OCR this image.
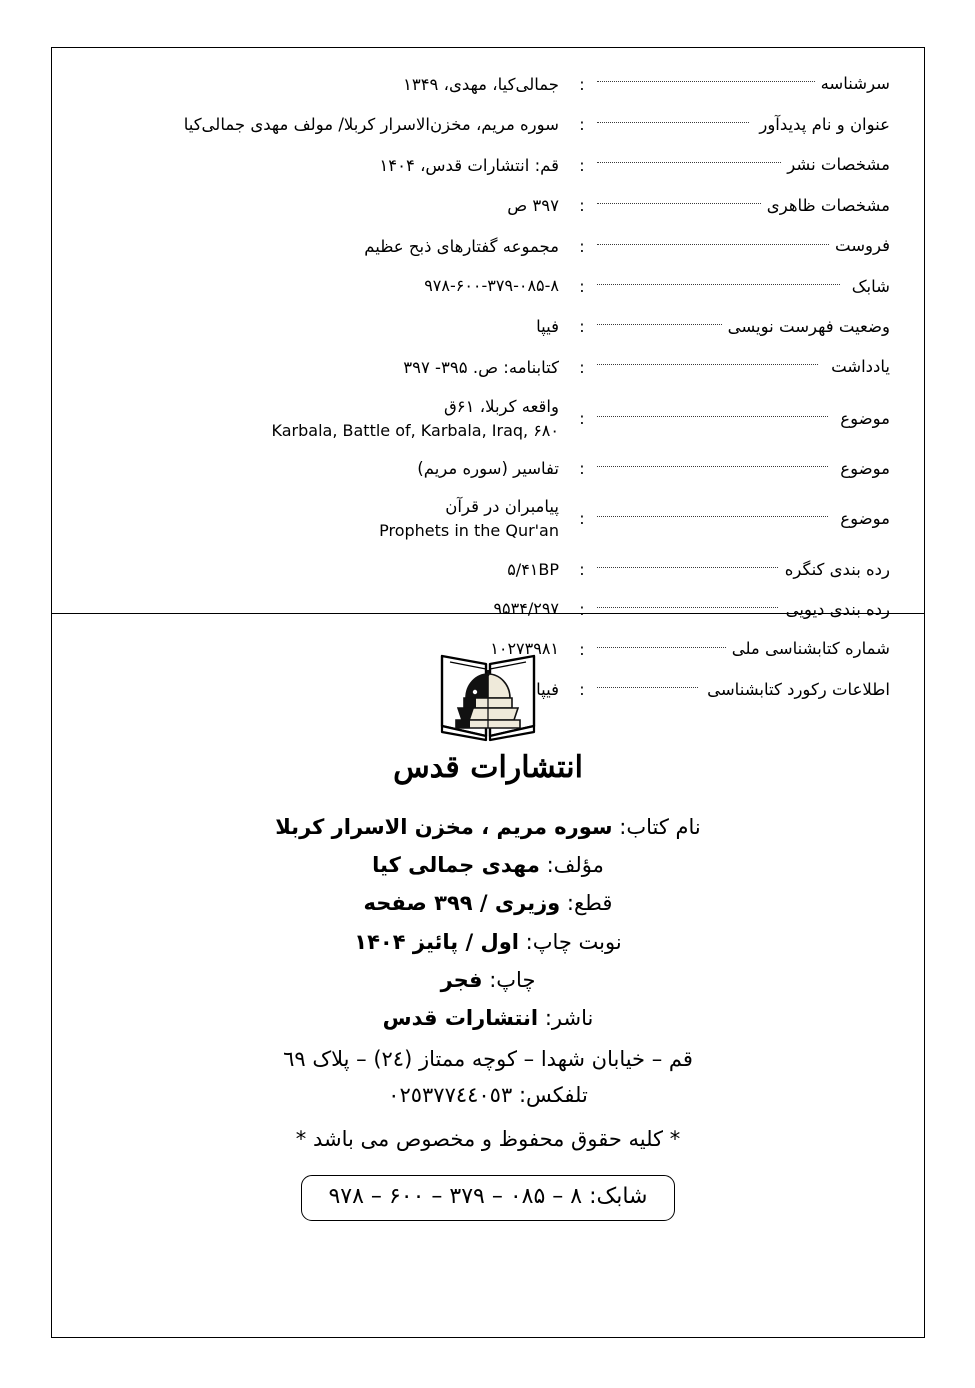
سرشناسه	:	جمالی‌کیا، مهدی، ۱۳۴۹

عنوان و نام پدیدآور	:	سوره مریم، مخزن‌الاسرار کربلا/ مولف مهدی جمالی‌کیا

مشخصات نشر	:	قم: انتشارات قدس، ۱۴۰۴

مشخصات ظاهری	:	۳۹۷ ص

فروست	:	مجموعه گفتارهای ذبح عظیم

شابک	:	۹۷۸-۶۰۰-۳۷۹-۰۸۵-۸

وضعیت فهرست نویسی	:	فیپا

یادداشت	:	کتابنامه: ص. ۳۹۵- ۳۹۷

موضوع	:	واقعه کربلا، ۶۱ق
Karbala, Battle of, Karbala, Iraq, ۶۸۰

موضوع	:	تفاسیر (سوره مریم)

موضوع	:	پیامبران در قرآن
Prophets in the Qur'an

رده بندی کنگره	:	۵/۴۱BP

رده بندی دیویی	:	۹۵۳۴/۲۹۷

شماره کتابشناسی ملی	:	۱۰۲۷۳۹۸۱

اطلاعات رکورد کتابشناسی	:	فیپا
انتشارات قدس
نام کتاب: سوره مریم ، مخزن الاسرار کربلا
مؤلف: مهدی جمالی کیا
قطع: وزیری / ۳۹۹ صفحه
نوبت چاپ: اول / پائیز ۱۴۰۴
چاپ: فجر
ناشر: انتشارات قدس
قم – خیابان شهدا – کوچه ممتاز (۲٤) – پلاک ٦۹
تلفکس: ٠۲٥۳۷۷٤٤٠٥۳
* کلیه حقوق محفوظ و مخصوص می باشد *
شابک: ۸ – ۰۸۵ – ۳۷۹ – ۶۰۰ – ۹۷۸
